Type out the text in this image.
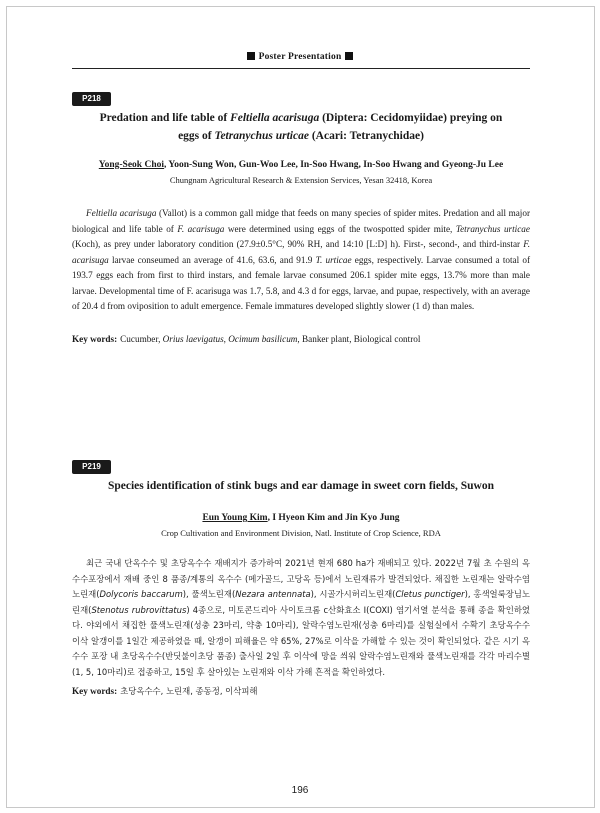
Poster Presentation
P218
Predation and life table of Feltiella acarisuga (Diptera: Cecidomyiidae) preying on
eggs of Tetranychus urticae (Acari: Tetranychidae)
Yong-Seok Choi, Yoon-Sung Won, Gun-Woo Lee, In-Soo Hwang, In-Soo Hwang and Gyeong-Ju Lee
Chungnam Agricultural Research & Extension Services, Yesan 32418, Korea

Feltiella acarisuga (Vallot) is a common gall midge that feeds on many species of spider mites. Predation and all major biological and life table of F. acarisuga were determined using eggs of the twospotted spider mite, Tetranychus urticae (Koch), as prey under laboratory condition (27.9±0.5°C, 90% RH, and 14:10 [L:D] h). First-, second-, and third-instar F. acarisuga larvae conseumed an average of 41.6, 63.6, and 91.9 T. urticae eggs, respectively. Larvae consumed a total of 193.7 eggs each from first to third instars, and female larvae consumed 206.1 spider mite eggs, 13.7% more than male larvae. Developmental time of F. acarisuga was 1.7, 5.8, and 4.3 d for eggs, larvae, and pupae, respectively, with an average of 20.4 d from oviposition to adult emergence. Female immatures developed slightly slower (1 d) than males.

Key words: Cucumber, Orius laevigatus, Ocimum basilicum, Banker plant, Biological control
P219
Species identification of stink bugs and ear damage in sweet corn fields, Suwon
Eun Young Kim, I Hyeon Kim and Jin Kyo Jung
Crop Cultivation and Environment Division, Natl. Institute of Crop Science, RDA

최근 국내 단옥수수 및 초당옥수수 재배지가 증가하여 2021년 현재 680 ha가 재배되고 있다. 2022년 7월 초 수원의 옥수수포장에서 재배 중인 8 품종/계통의 옥수수 (메가골드, 고당옥 등)에서 노린재류가 발견되었다. 채집한 노린재는 알락수염노린재(Dolycoris baccarum), 풀색노린재(Nezara antennata), 시골가시허리노린재(Cletus punctiger), 홍색얼룩장님노린재(Stenotus rubrovittatus) 4종으로, 미토콘드리아 사이토크롬 c산화효소 I(COXI) 염기서열 분석을 통해 종을 확인하였다. 야외에서 채집한 풀색노린재(성충 23마리, 약충 10마리), 알락수염노린재(성충 6마리)를 실험실에서 수확기 초당옥수수 이삭 알갱이를 1일간 제공하였을 때, 알갱이 피해율은 약 65%, 27%로 이삭을 가해할 수 있는 것이 확인되었다. 같은 시기 옥수수 포장 내 초당옥수수(반딧불이초당 품종) 출사일 2일 후 이삭에 망을 씌워 알락수염노린재와 풀색노린재를 각각 마리수별(1, 5, 10마리)로 접종하고, 15일 후 살아있는 노린재와 이삭 가해 흔적을 확인하였다.

Key words: 초당옥수수, 노린재, 종동정, 이삭피해
196
